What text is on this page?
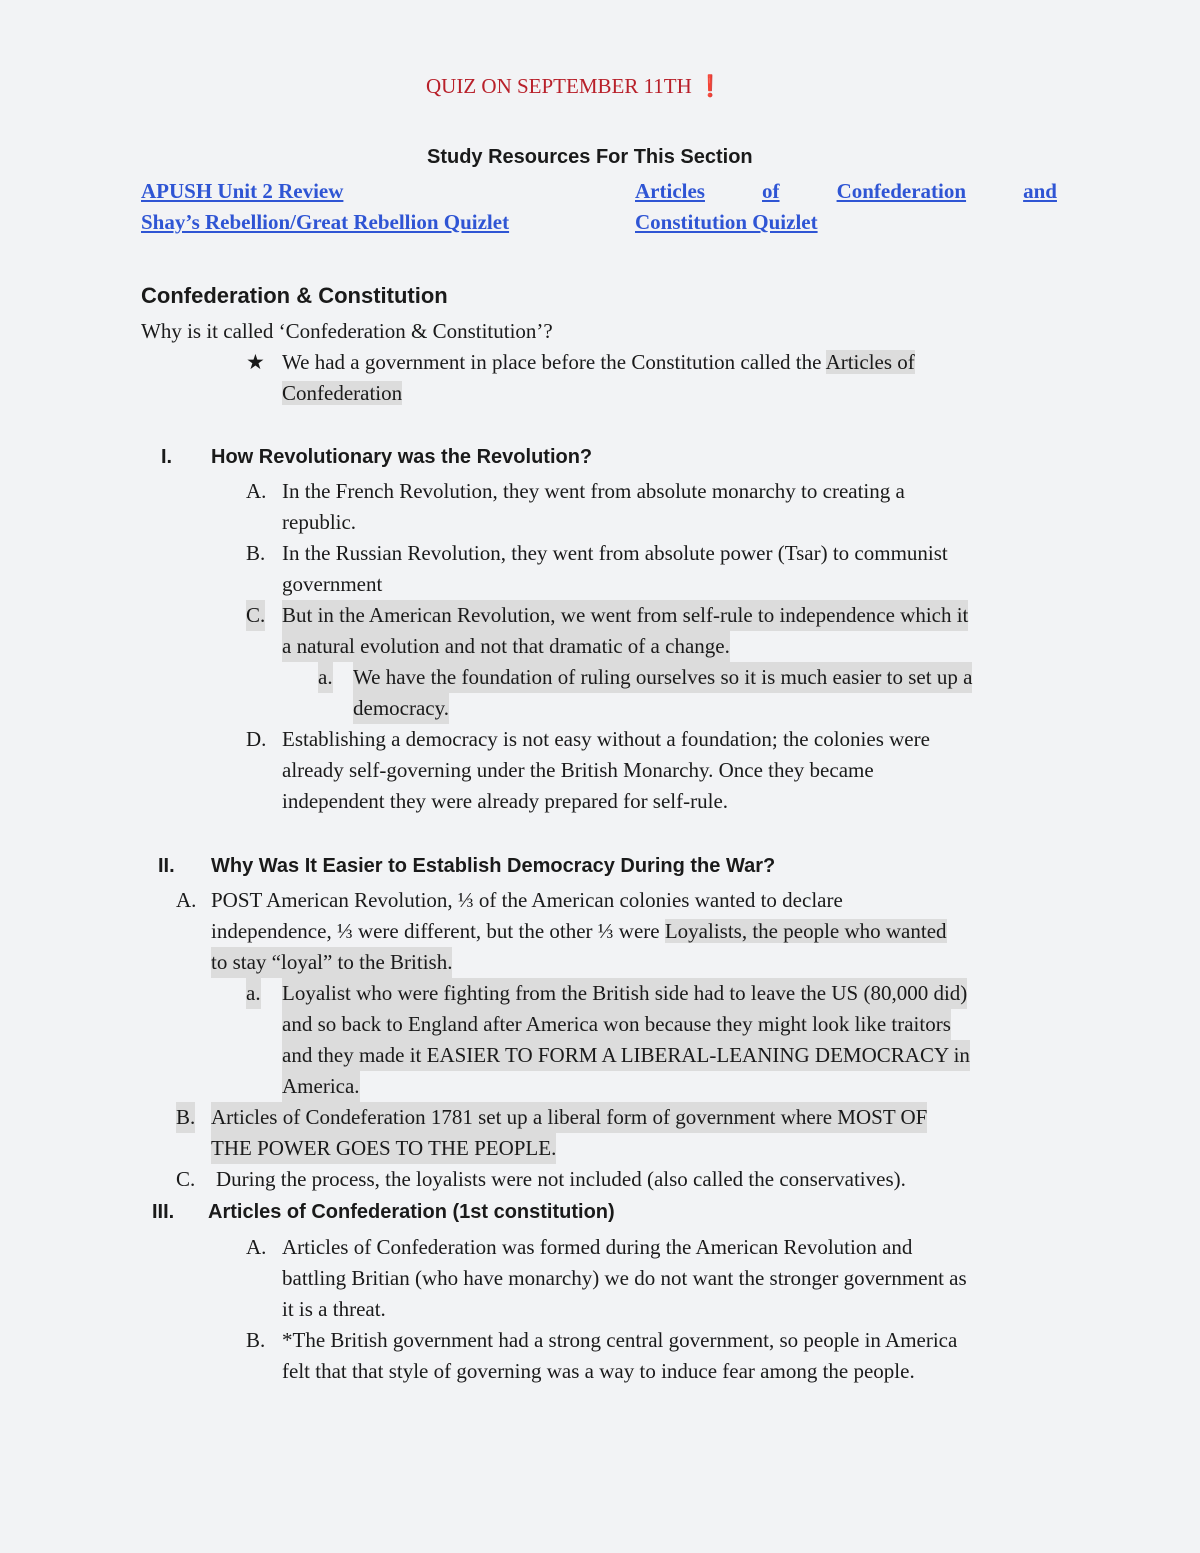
QUIZ ON SEPTEMBER 11TH ❗
Study Resources For This Section
APUSH Unit 2 Review
Shay’s Rebellion/Great Rebellion Quizlet
Articles	of	Confederation	and
Constitution Quizlet
Confederation & Constitution
Why is it called ‘Confederation & Constitution’?
★ We had a government in place before the Constitution called the Articles of
Confederation
I. How Revolutionary was the Revolution?
A. In the French Revolution, they went from absolute monarchy to creating a
republic.
B. In the Russian Revolution, they went from absolute power (Tsar) to communist
government
C. But in the American Revolution, we went from self-rule to independence which it
a natural evolution and not that dramatic of a change.
a. We have the foundation of ruling ourselves so it is much easier to set up a
democracy.
D. Establishing a democracy is not easy without a foundation; the colonies were
already self-governing under the British Monarchy. Once they became
independent they were already prepared for self-rule.
II. Why Was It Easier to Establish Democracy During the War?
A. POST American Revolution, ⅓ of the American colonies wanted to declare
independence, ⅓ were different, but the other ⅓ were Loyalists, the people who wanted
to stay “loyal” to the British.
a. Loyalist who were fighting from the British side had to leave the US (80,000 did)
and so back to England after America won because they might look like traitors
and they made it EASIER TO FORM A LIBERAL-LEANING DEMOCRACY in
America.
B. Articles of Condeferation 1781 set up a liberal form of government where MOST OF
THE POWER GOES TO THE PEOPLE.
C. During the process, the loyalists were not included (also called the conservatives).
III. Articles of Confederation (1st constitution)
A. Articles of Confederation was formed during the American Revolution and
battling Britian (who have monarchy) we do not want the stronger government as
it is a threat.
B. *The British government had a strong central government, so people in America
felt that that style of governing was a way to induce fear among the people.
